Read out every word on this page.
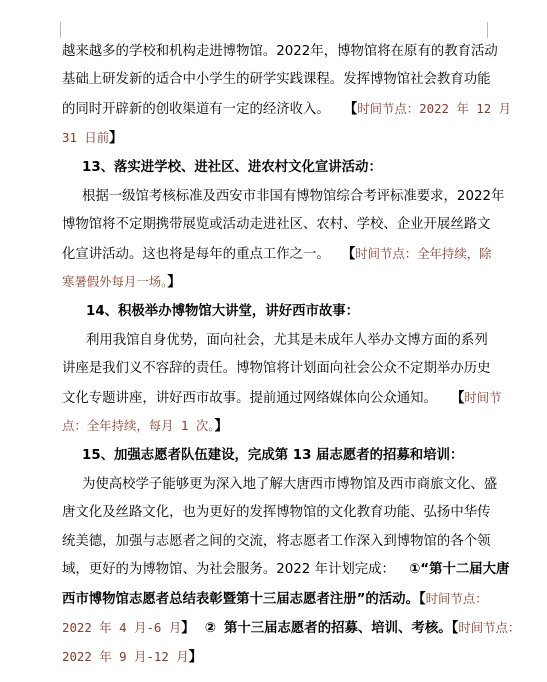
越来越多的学校和机构走进博物馆。2022年，博物馆将在原有的教育活动
基础上研发新的适合中小学生的研学实践课程。发挥博物馆社会教育功能
的同时开辟新的创收渠道有一定的经济收入。 【时间节点：2022 年 12 月
31 日前】
13、落实进学校、进社区、进农村文化宣讲活动：
根据一级馆考核标准及西安市非国有博物馆综合考评标准要求，2022年
博物馆将不定期携带展览或活动走进社区、农村、学校、企业开展丝路文
化宣讲活动。这也将是每年的重点工作之一。 【时间节点：全年持续，除
寒暑假外每月一场。】
14、积极举办博物馆大讲堂，讲好西市故事：
利用我馆自身优势，面向社会，尤其是未成年人举办文博方面的系列
讲座是我们义不容辞的责任。博物馆将计划面向社会公众不定期举办历史
文化专题讲座，讲好西市故事。提前通过网络媒体向公众通知。 【时间节
点：全年持续，每月 1 次。】
15、加强志愿者队伍建设，完成第 13 届志愿者的招募和培训：
为使高校学子能够更为深入地了解大唐西市博物馆及西市商旅文化、盛
唐文化及丝路文化，也为更好的发挥博物馆的文化教育功能、弘扬中华传
统美德，加强与志愿者之间的交流，将志愿者工作深入到博物馆的各个领
域，更好的为博物馆、为社会服务。2022 年计划完成： ①“第十二届大唐
西市博物馆志愿者总结表彰暨第十三届志愿者注册”的活动。【时间节点：
2022 年 4 月-6 月】 ② 第十三届志愿者的招募、培训、考核。【时间节点：
2022 年 9 月-12 月】
